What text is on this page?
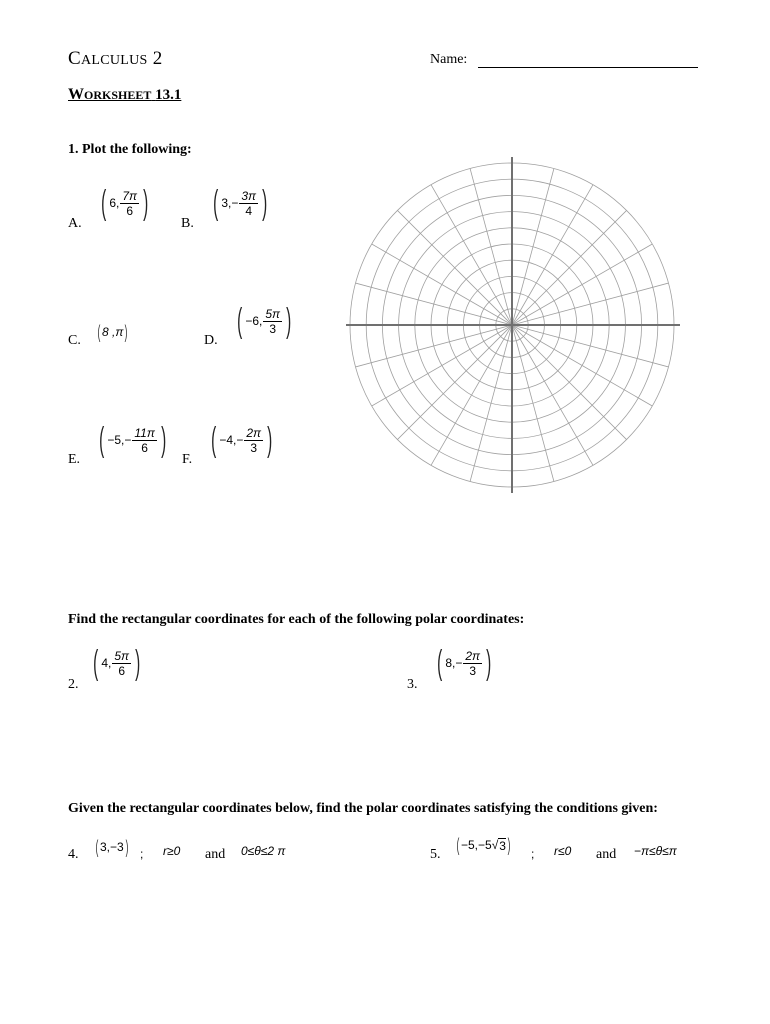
CALCULUS 2	Name:
WORKSHEET 13.1
1. Plot the following:
A.
( 6, $\frac{7\pi}{6}$ )
B.
( $3,- \frac{3\pi}{4}$ )
C. ( 8 ,π )	D.
( −6, $\frac{5\pi}{3}$ )
E.
( $-5,- \frac{11\pi}{6}$ )
F.
( $-4,- \frac{2\pi}{3}$ )
Find the rectangular coordinates for each of the following polar coordinates:
2.
( 4, $\frac{5\pi}{6}$ )
3.
( $8,- \frac{2\pi}{3}$ )
Given the rectangular coordinates below, find the polar coordinates satisfying the conditions given:
4. ( 3,−3 ) ; r≥0 and 0≤θ≤2 π	5. ( −5,−5 √ 3 ) ; r≤0 and −π≤θ≤π
